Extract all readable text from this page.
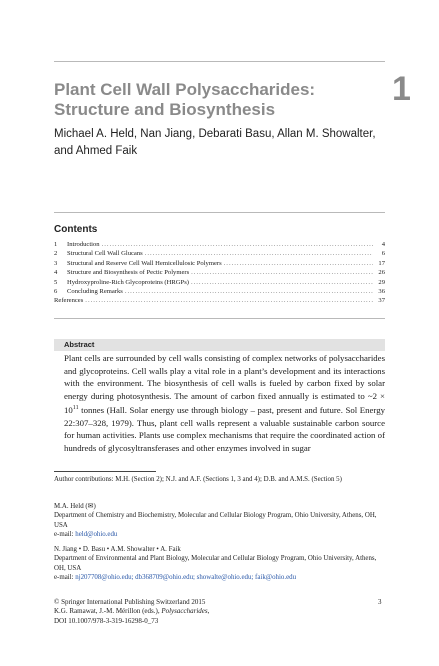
Plant Cell Wall Polysaccharides: Structure and Biosynthesis
1
Michael A. Held, Nan Jiang, Debarati Basu, Allan M. Showalter, and Ahmed Faik
Contents
1	Introduction .....	4
2	Structural Cell Wall Glucans .....	6
3	Structural and Reserve Cell Wall Hemicellulosic Polymers .....	17
4	Structure and Biosynthesis of Pectic Polymers .....	26
5	Hydroxyproline-Rich Glycoproteins (HRGPs) .....	29
6	Concluding Remarks .....	36
References .....	37
Abstract
Plant cells are surrounded by cell walls consisting of complex networks of polysaccharides and glycoproteins. Cell walls play a vital role in a plant’s development and its interactions with the environment. The biosynthesis of cell walls is fueled by carbon fixed by solar energy during photosynthesis. The amount of carbon fixed annually is estimated to ~2 × $10^{11}$ tonnes (Hall. Solar energy use through biology – past, present and future. Sol Energy 22:307–328, 1979). Thus, plant cell walls represent a valuable sustainable carbon source for human activities. Plants use complex mechanisms that require the coordinated action of hundreds of glycosyltransferases and other enzymes involved in sugar
Author contributions: M.H. (Section 2); N.J. and A.F. (Sections 1, 3 and 4); D.B. and A.M.S. (Section 5)
M.A. Held (✉)
Department of Chemistry and Biochemistry, Molecular and Cellular Biology Program, Ohio University, Athens, OH, USA
e-mail: held@ohio.edu
N. Jiang • D. Basu • A.M. Showalter • A. Faik
Department of Environmental and Plant Biology, Molecular and Cellular Biology Program, Ohio University, Athens, OH, USA
e-mail: nj207708@ohio.edu; db368709@ohio.edu; showalte@ohio.edu; faik@ohio.edu
© Springer International Publishing Switzerland 2015
K.G. Ramawat, J.-M. Mérillon (eds.), Polysaccharides,
DOI 10.1007/978-3-319-16298-0_73
3
